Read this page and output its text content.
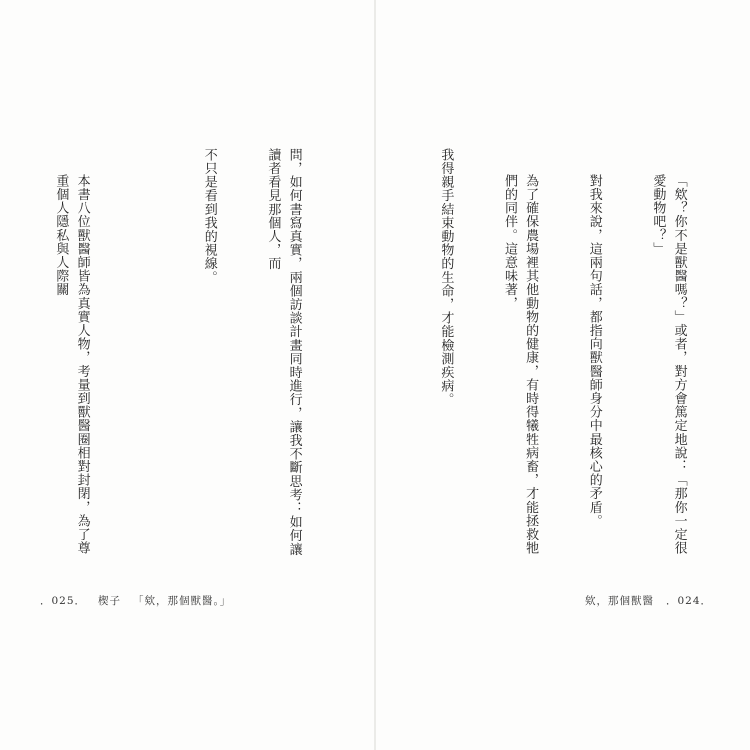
「欸？你不是獸醫嗎？」或者，對方會篤定地說：「那你一定很愛動物吧？」

對我來說，這兩句話，都指向獸醫師身分中最核心的矛盾。

為了確保農場裡其他動物的健康，有時得犧牲病畜，才能拯救牠們的同伴。這意味著，

我得親手結束動物的生命，才能檢測疾病。

欸，那個獸醫 ．024．

問，如何書寫真實，兩個訪談計畫同時進行，讓我不斷思考：如何讓讀者看見那個人，而

不只是看到我的視線。

本書八位獸醫師皆為真實人物，考量到獸醫圈相對封閉，為了尊重個人隱私與人際關

．025． 楔子 「欸，那個獸醫。」
